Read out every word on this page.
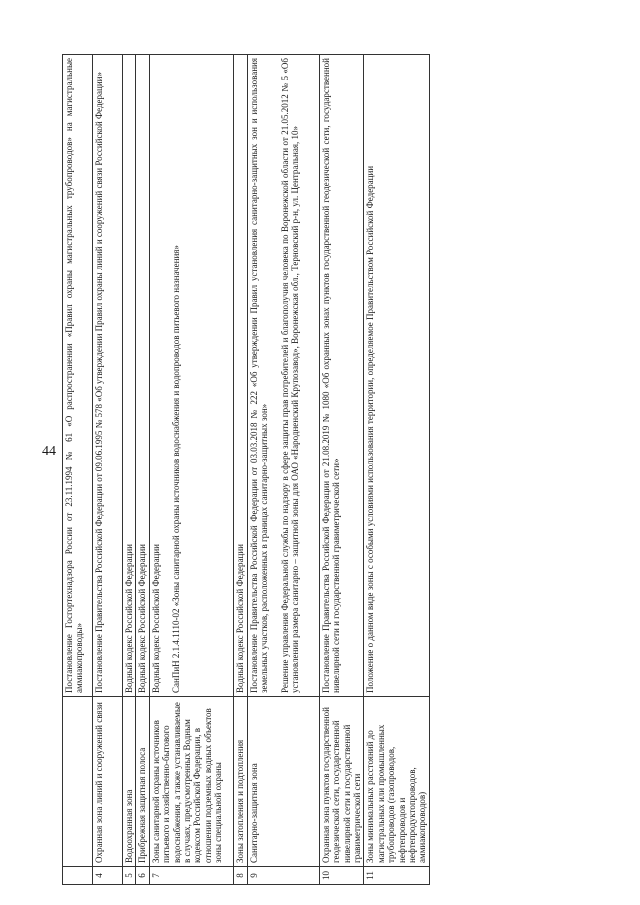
44

		Постановление Госгортехнадзора России от 23.11.1994 № 61 «О распространении «Правил охраны магистральных трубопроводов» на магистральные аммиакопроводы»

4	Охранная зона линий и сооружений связи	Постановление Правительства Российской Федерации от 09.06.1995 № 578 «Об утверждении Правил охраны линий и сооружений связи Российской Федерации»

5	Водоохранная зона	Водный кодекс Российской Федерации

6	Прибрежная защитная полоса	Водный кодекс Российской Федерации

7	Зоны санитарной охраны источников питьевого и хозяйственно-бытового водоснабжения, а также устанавливаемые в случаях, предусмотренных Водным кодексом Российской Федерации, в отношении подземных водных объектов зоны специальной охраны	Водный кодекс Российской Федерации СанПиН 2.1.4.1110-02 «Зоны санитарной охраны источников водоснабжения и водопроводов питьевого назначения»

8	Зоны затопления и подтопления	Водный кодекс Российской Федерации

9	Санитарно-защитная зона	Постановление Правительства Российской Федерации от 03.03.2018 № 222 «Об утверждении Правил установления санитарно-защитных зон и использования земельных участков, расположенных в границах санитарно-защитных зон» Решение управления Федеральной службы по надзору в сфере защиты прав потребителей и благополучия человека по Воронежской области от 21.05.2012 № 5 «Об установлении размера санитарно – защитной зоны для ОАО «Народненский Крупозавод», Воронежская обл., Терновский р-н, ул. Центральная, 10»

10	Охранная зона пунктов государственной геодезической сети, государственной нивелирной сети и государственной гравиметрической сети	Постановление Правительства Российской Федерации от 21.08.2019 № 1080 «Об охранных зонах пунктов государственной геодезической сети, государственной нивелирной сети и государственной гравиметрической сети»

11	Зоны минимальных расстояний до магистральных или промышленных трубопроводов (газопроводов, нефтепроводов и нефтепродуктопроводов, аммиакопроводов)	Положение о данном виде зоны с особыми условиями использования территории, определяемое Правительством Российской Федерации
